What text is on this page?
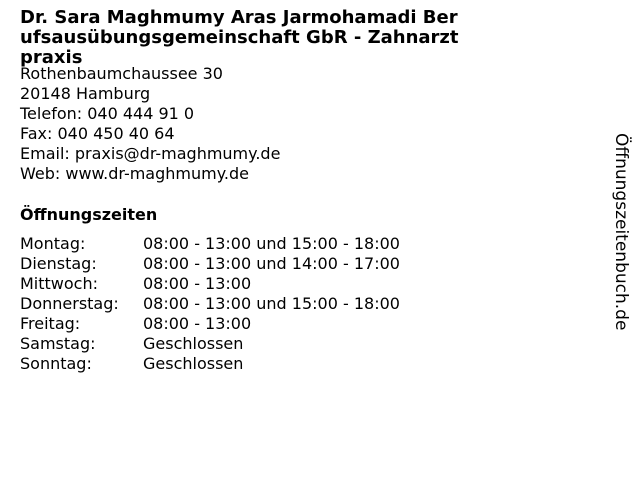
Dr. Sara Maghmumy Aras Jarmohamadi Berufsausübungsgemeinschaft GbR - Zahnarztpraxis
Rothenbaumchaussee 30
20148 Hamburg
Telefon: 040 444 91 0
Fax: 040 450 40 64
Email: praxis@dr-maghmumy.de
Web: www.dr-maghmumy.de
Öffnungszeiten
Montag:	08:00 - 13:00 und 15:00 - 18:00
Dienstag:	08:00 - 13:00 und 14:00 - 17:00
Mittwoch:	08:00 - 13:00
Donnerstag:	08:00 - 13:00 und 15:00 - 18:00
Freitag:	08:00 - 13:00
Samstag:	Geschlossen
Sonntag:	Geschlossen
Öffnungszeitenbuch.de
